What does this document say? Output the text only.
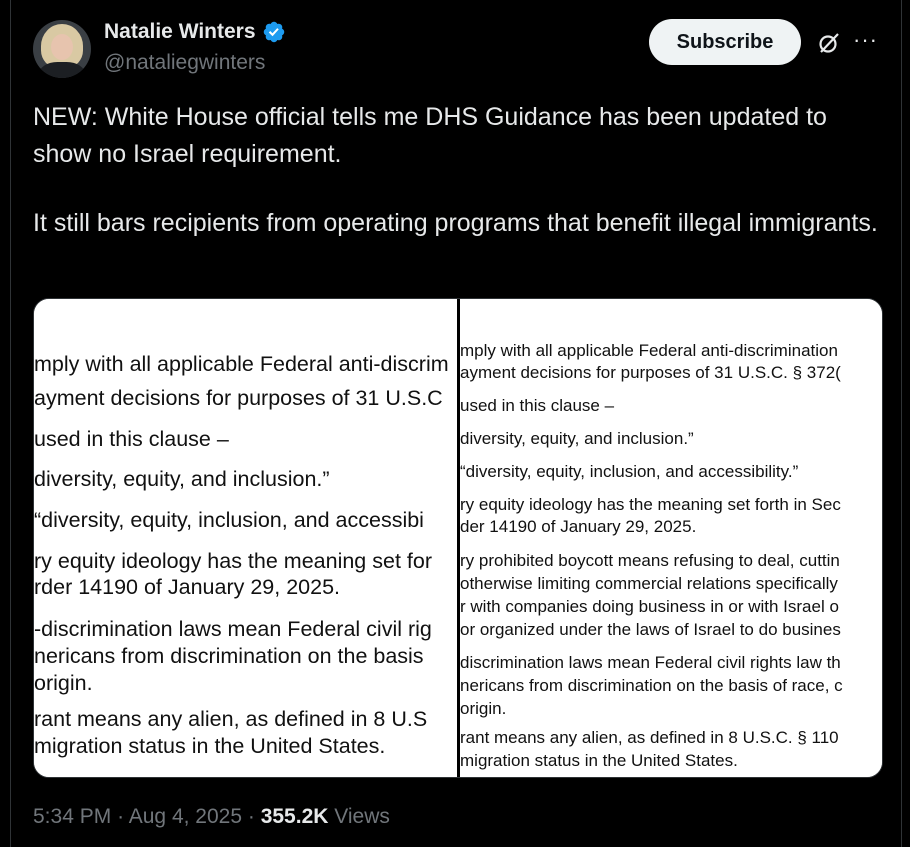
Natalie Winters
@nataliegwinters
Subscribe	···

NEW: White House official tells me DHS Guidance has been updated to show no Israel requirement.

It still bars recipients from operating programs that benefit illegal immigrants.

mply with all applicable Federal anti-discrim
ayment decisions for purposes of 31 U.S.C
used in this clause –
diversity, equity, and inclusion.”
“diversity, equity, inclusion, and accessibi
ry equity ideology has the meaning set for
rder 14190 of January 29, 2025.
-discrimination laws mean Federal civil rig
nericans from discrimination on the basis
origin.
rant means any alien, as defined in 8 U.S
migration status in the United States.
mply with all applicable Federal anti-discrimination
ayment decisions for purposes of 31 U.S.C. § 372(
used in this clause –
diversity, equity, and inclusion.”
“diversity, equity, inclusion, and accessibility.”
ry equity ideology has the meaning set forth in Sec
der 14190 of January 29, 2025.
ry prohibited boycott means refusing to deal, cuttin
otherwise limiting commercial relations specifically
r with companies doing business in or with Israel o
or organized under the laws of Israel to do busines
discrimination laws mean Federal civil rights law th
nericans from discrimination on the basis of race, c
origin.
rant means any alien, as defined in 8 U.S.C. § 110
migration status in the United States.
5:34 PM · Aug 4, 2025 · 355.2K Views
